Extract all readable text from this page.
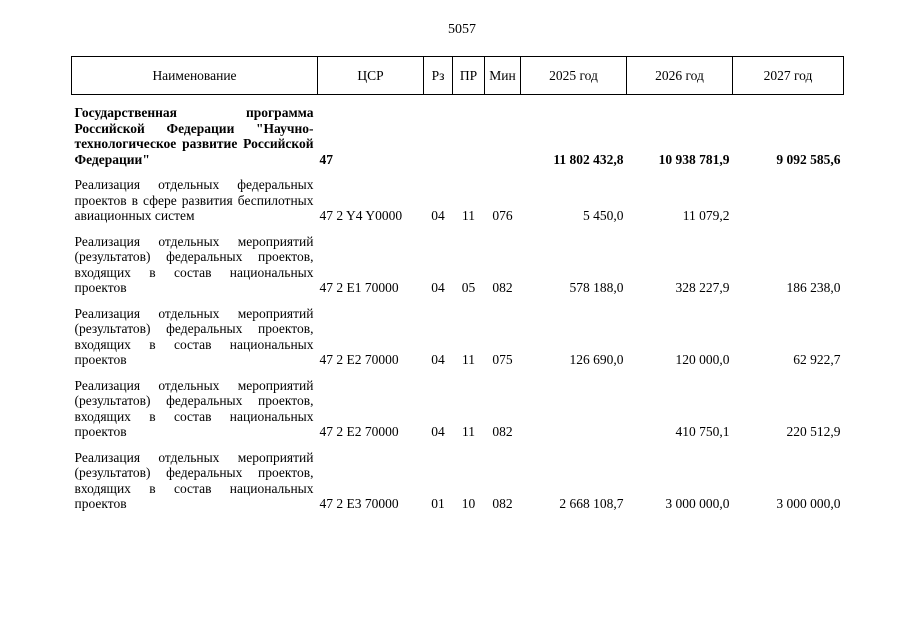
5057
Наименование	ЦСР	Рз	ПР	Мин	2025 год	2026 год	2027 год

Государственная программа Российской Федерации "Научно-технологическое развитие Российской Федерации"	47				11 802 432,8	10 938 781,9	9 092 585,6

Реализация отдельных федеральных проектов в сфере развития беспилотных авиационных систем	47 2 Y4 Y0000	04	11	076	5 450,0	11 079,2	

Реализация отдельных мероприятий (результатов) федеральных проектов, входящих в состав национальных проектов	47 2 E1 70000	04	05	082	578 188,0	328 227,9	186 238,0

Реализация отдельных мероприятий (результатов) федеральных проектов, входящих в состав национальных проектов	47 2 E2 70000	04	11	075	126 690,0	120 000,0	62 922,7

Реализация отдельных мероприятий (результатов) федеральных проектов, входящих в состав национальных проектов	47 2 E2 70000	04	11	082		410 750,1	220 512,9

Реализация отдельных мероприятий (результатов) федеральных проектов, входящих в состав национальных проектов	47 2 E3 70000	01	10	082	2 668 108,7	3 000 000,0	3 000 000,0
